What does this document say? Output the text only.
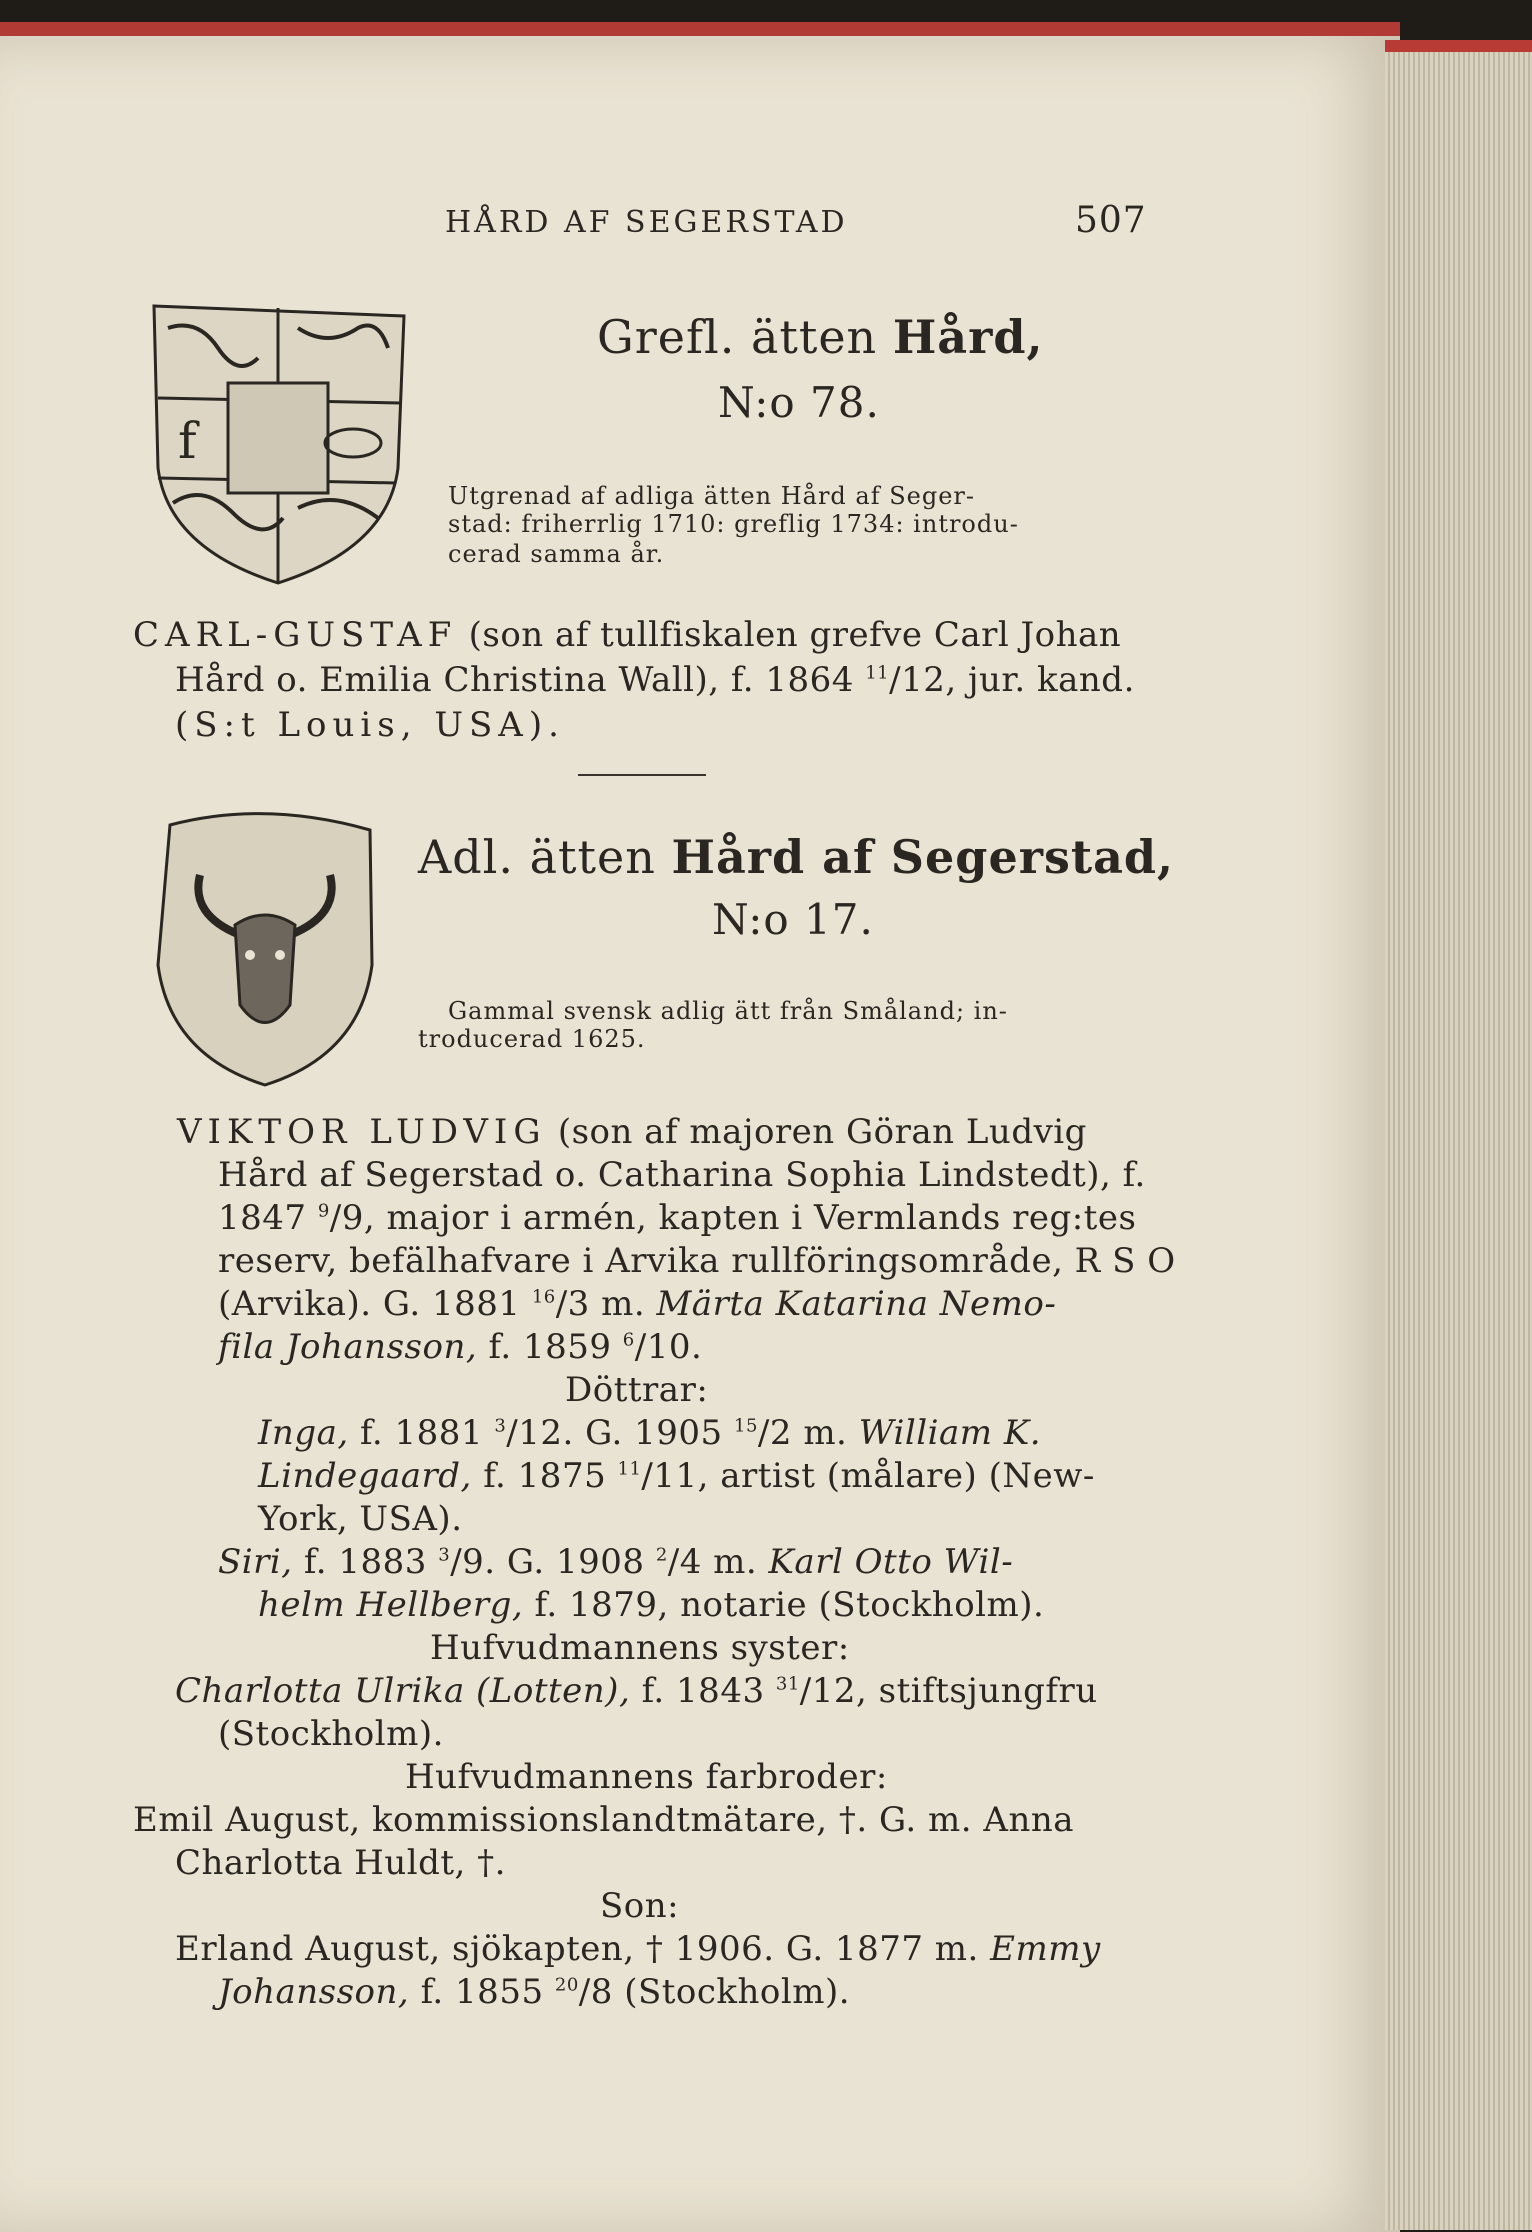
HÅRD AF SEGERSTAD	507
f
Grefl. ätten Hård,
N:o 78.
Utgrenad af adliga ätten Hård af Seger-
stad: friherrlig 1710: greflig 1734: introdu-
cerad samma år.
CARL-GUSTAF (son af tullfiskalen grefve Carl Johan
Hård o. Emilia Christina Wall), f. 1864 $^{11}$/12, jur. kand.
(S:t Louis, USA).
Adl. ätten Hård af Segerstad,
N:o 17.
Gammal svensk adlig ätt från Småland; in-
troducerad 1625.
VIKTOR LUDVIG (son af majoren Göran Ludvig
Hård af Segerstad o. Catharina Sophia Lindstedt), f.
1847 $^9$/9, major i armén, kapten i Vermlands reg:tes
reserv, befälhafvare i Arvika rullföringsområde, R S O
(Arvika). G. 1881 $^{16}$/3 m. Märta Katarina Nemo-
fila Johansson, f. 1859 $^6$/10.
Döttrar:
Inga, f. 1881 $^3$/12. G. 1905 $^{15}$/2 m. William K.
Lindegaard, f. 1875 $^{11}$/11, artist (målare) (New-
York, USA).
Siri, f. 1883 $^3$/9. G. 1908 $^2$/4 m. Karl Otto Wil-
helm Hellberg, f. 1879, notarie (Stockholm).
Hufvudmannens syster:
Charlotta Ulrika (Lotten), f. 1843 $^{31}$/12, stiftsjungfru
(Stockholm).
Hufvudmannens farbroder:
Emil August, kommissionslandtmätare, †. G. m. Anna
Charlotta Huldt, †.
Son:
Erland August, sjökapten, † 1906. G. 1877 m. Emmy
Johansson, f. 1855 $^{20}$/8 (Stockholm).
